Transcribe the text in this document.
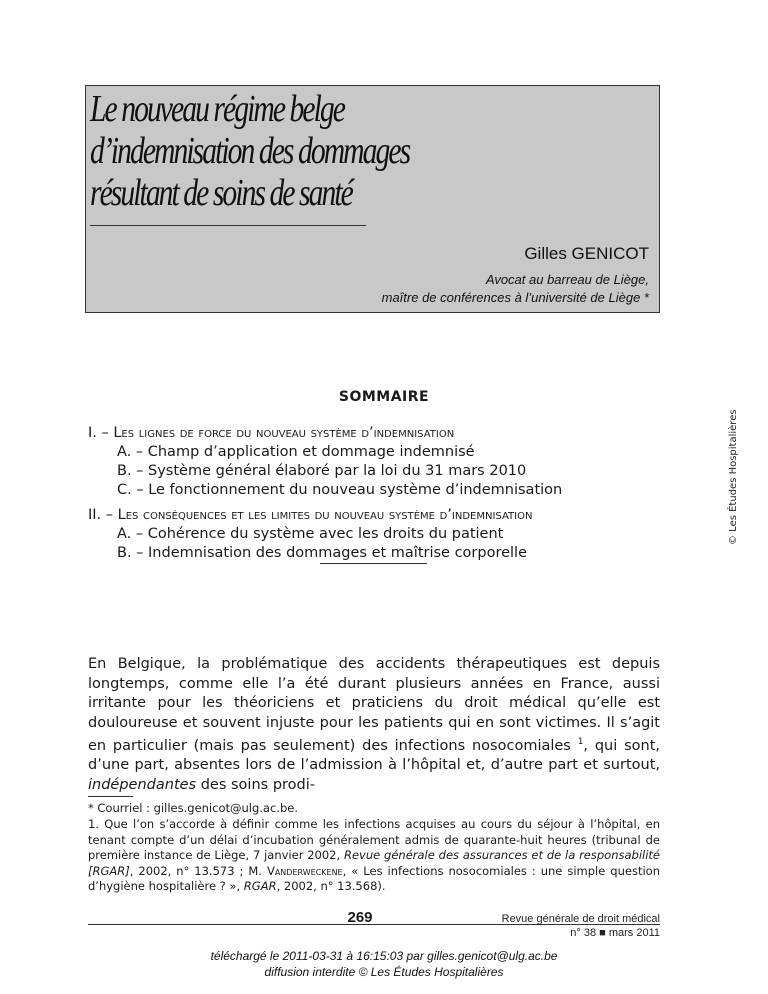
Le nouveau régime belge
d’indemnisation des dommages
résultant de soins de santé
Gilles GENICOT
Avocat au barreau de Liège,
maître de conférences à l’université de Liège *
© Les Études Hospitalières
SOMMAIRE
I. – Les lignes de force du nouveau système d’indemnisation
A. – Champ d’application et dommage indemnisé
B. – Système général élaboré par la loi du 31 mars 2010
C. – Le fonctionnement du nouveau système d’indemnisation
II. – Les conséquences et les limites du nouveau système d’indemnisation
A. – Cohérence du système avec les droits du patient
B. – Indemnisation des dommages et maîtrise corporelle
En Belgique, la problématique des accidents thérapeutiques est depuis longtemps, comme elle l’a été durant plusieurs années en France, aussi irritante pour les théoriciens et praticiens du droit médical qu’elle est douloureuse et souvent injuste pour les patients qui en sont victimes. Il s’agit en particulier (mais pas seulement) des infections nosocomiales $^1$, qui sont, d’une part, absentes lors de l’admission à l’hôpital et, d’autre part et surtout, indépendantes des soins prodi-
* Courriel : gilles.genicot@ulg.ac.be.
1. Que l’on s’accorde à définir comme les infections acquises au cours du séjour à l’hôpital, en tenant compte d’un délai d’incubation généralement admis de quarante-huit heures (tribunal de première instance de Liège, 7 janvier 2002, Revue générale des assurances et de la responsabilité [RGAR], 2002, n° 13.573 ; M. Vanderweckene, « Les infections nosocomiales : une simple question d’hygiène hospitalière ? », RGAR, 2002, n° 13.568).
269	Revue générale de droit médical
n° 38 ■ mars 2011
téléchargé le 2011-03-31 à 16:15:03 par gilles.genicot@ulg.ac.be
diffusion interdite © Les Études Hospitalières
